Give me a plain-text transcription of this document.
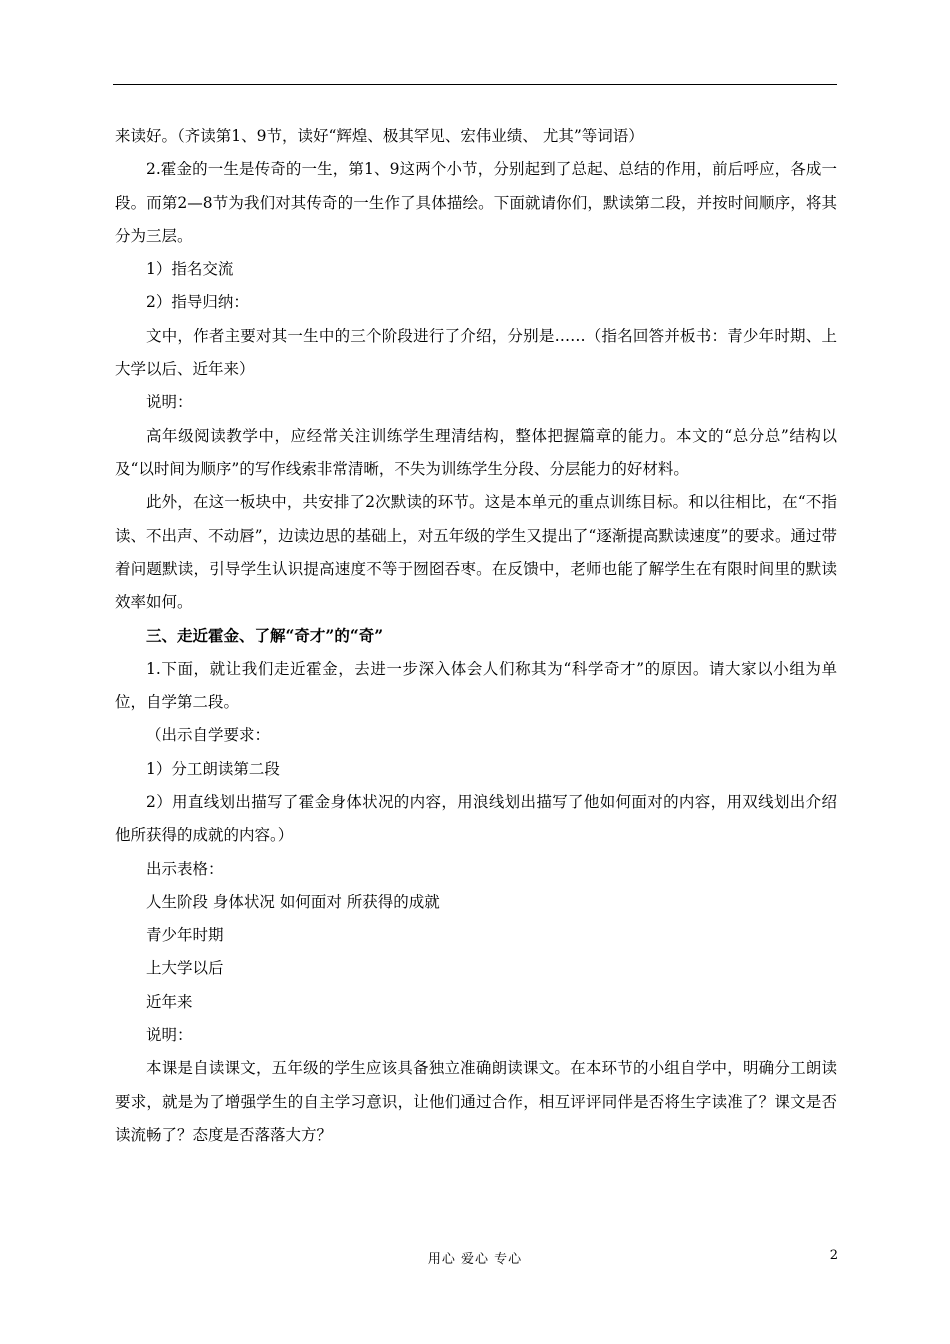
来读好。（齐读第1、9节，读好“辉煌、极其罕见、宏伟业绩、 尤其”等词语）

2.霍金的一生是传奇的一生，第1、9这两个小节，分别起到了总起、总结的作用，前后呼应，各成一段。而第2—8节为我们对其传奇的一生作了具体描绘。下面就请你们，默读第二段，并按时间顺序，将其分为三层。

1）指名交流

2）指导归纳：

文中，作者主要对其一生中的三个阶段进行了介绍，分别是……（指名回答并板书：青少年时期、上大学以后、近年来）

说明：

高年级阅读教学中，应经常关注训练学生理清结构，整体把握篇章的能力。本文的“总分总”结构以及“以时间为顺序”的写作线索非常清晰，不失为训练学生分段、分层能力的好材料。

此外，在这一板块中，共安排了2次默读的环节。这是本单元的重点训练目标。和以往相比，在“不指读、不出声、不动唇”，边读边思的基础上，对五年级的学生又提出了“逐渐提高默读速度”的要求。通过带着问题默读，引导学生认识提高速度不等于囫囵吞枣。在反馈中，老师也能了解学生在有限时间里的默读效率如何。

三、走近霍金、了解“奇才”的“奇”

1.下面，就让我们走近霍金，去进一步深入体会人们称其为“科学奇才”的原因。请大家以小组为单位，自学第二段。

（出示自学要求：

1）分工朗读第二段

2）用直线划出描写了霍金身体状况的内容，用浪线划出描写了他如何面对的内容，用双线划出介绍他所获得的成就的内容。）

出示表格：

人生阶段 身体状况 如何面对 所获得的成就

青少年时期

上大学以后

近年来

说明：

本课是自读课文，五年级的学生应该具备独立准确朗读课文。在本环节的小组自学中，明确分工朗读要求，就是为了增强学生的自主学习意识，让他们通过合作，相互评评同伴是否将生字读准了？课文是否读流畅了？态度是否落落大方？

用心 爱心 专心	2
